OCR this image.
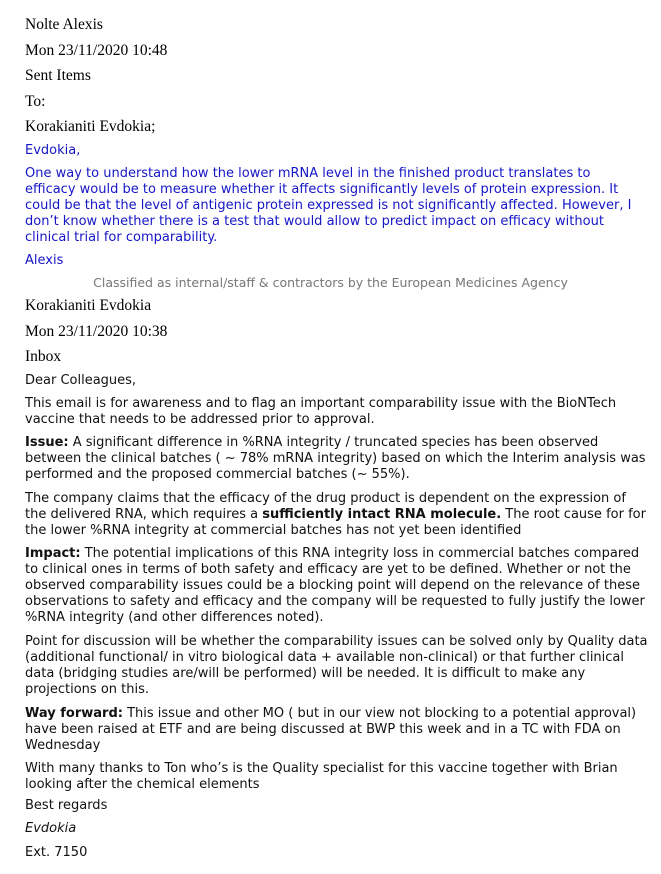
Nolte Alexis
Mon 23/11/2020 10:48
Sent Items
To:
Korakianiti Evdokia;
Evdokia,
One way to understand how the lower mRNA level in the finished product translates to efficacy would be to measure whether it affects significantly levels of protein expression. It could be that the level of antigenic protein expressed is not significantly affected. However, I don’t know whether there is a test that would allow to predict impact on efficacy without clinical trial for comparability.
Alexis
Classified as internal/staff & contractors by the European Medicines Agency
Korakianiti Evdokia
Mon 23/11/2020 10:38
Inbox
Dear Colleagues,
This email is for awareness and to flag an important comparability issue with the BioNTech vaccine that needs to be addressed prior to approval.
Issue: A significant difference in %RNA integrity / truncated species has been observed between the clinical batches ( ~ 78% mRNA integrity) based on which the Interim analysis was performed and the proposed commercial batches (~ 55%).
The company claims that the efficacy of the drug product is dependent on the expression of the delivered RNA, which requires a sufficiently intact RNA molecule. The root cause for for the lower %RNA integrity at commercial batches has not yet been identified
Impact: The potential implications of this RNA integrity loss in commercial batches compared to clinical ones in terms of both safety and efficacy are yet to be defined. Whether or not the observed comparability issues could be a blocking point will depend on the relevance of these observations to safety and efficacy and the company will be requested to fully justify the lower %RNA integrity (and other differences noted).
Point for discussion will be whether the comparability issues can be solved only by Quality data (additional functional/ in vitro biological data + available non-clinical) or that further clinical data (bridging studies are/will be performed) will be needed. It is difficult to make any projections on this.
Way forward: This issue and other MO ( but in our view not blocking to a potential approval) have been raised at ETF and are being discussed at BWP this week and in a TC with FDA on Wednesday
With many thanks to Ton who’s is the Quality specialist for this vaccine together with Brian looking after the chemical elements
Best regards
Evdokia
Ext. 7150
